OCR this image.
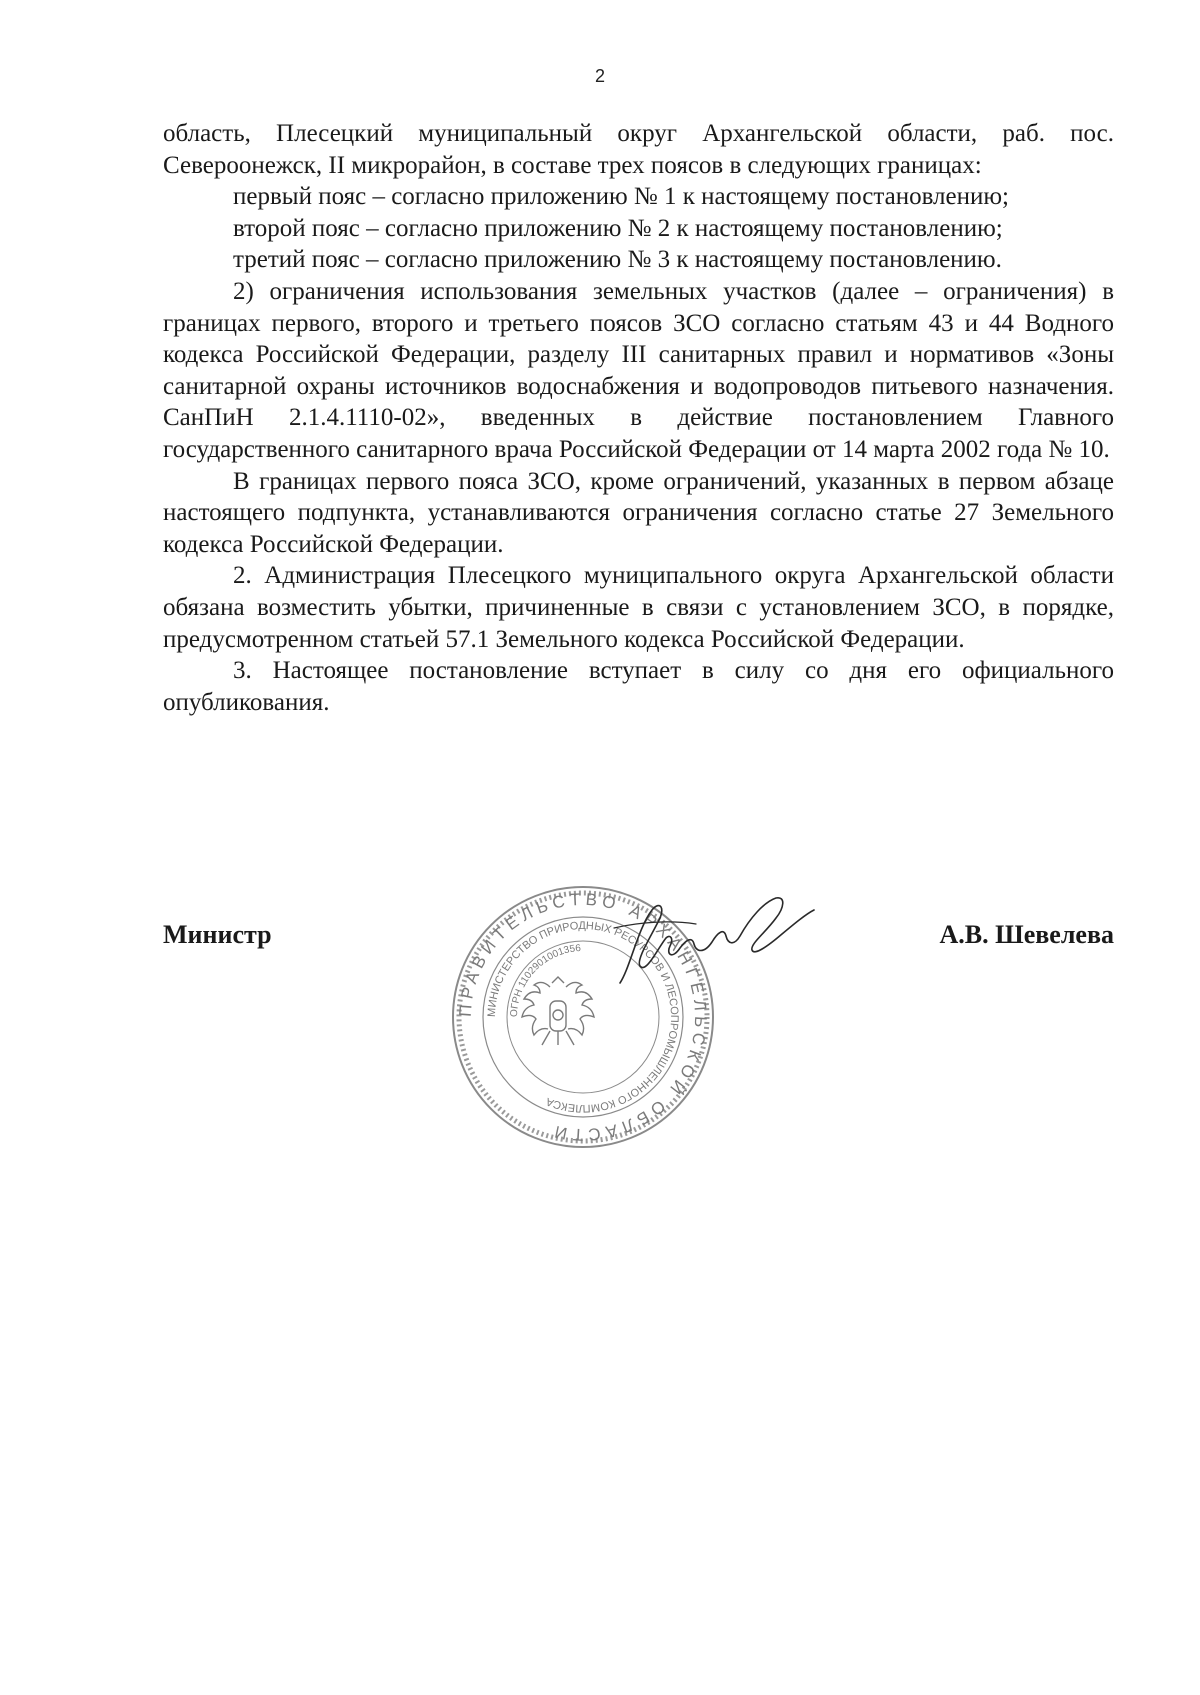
2

область, Плесецкий муниципальный округ Архангельской области, раб. пос. Североонежск, II микрорайон, в составе трех поясов в следующих границах:

первый пояс – согласно приложению № 1 к настоящему постановлению;

второй пояс – согласно приложению № 2 к настоящему постановлению;

третий пояс – согласно приложению № 3 к настоящему постановлению.

2) ограничения использования земельных участков (далее – ограничения) в границах первого, второго и третьего поясов ЗСО согласно статьям 43 и 44 Водного кодекса Российской Федерации, разделу III санитарных правил и нормативов «Зоны санитарной охраны источников водоснабжения и водопроводов питьевого назначения. СанПиН 2.1.4.1110-02», введенных в действие постановлением Главного государственного санитарного врача Российской Федерации от 14 марта 2002 года № 10.

В границах первого пояса ЗСО, кроме ограничений, указанных в первом абзаце настоящего подпункта, устанавливаются ограничения согласно статье 27 Земельного кодекса Российской Федерации.

2. Администрация Плесецкого муниципального округа Архангельской области обязана возместить убытки, причиненные в связи с установлением ЗСО, в порядке, предусмотренном статьей 57.1 Земельного кодекса Российской Федерации.

3. Настоящее постановление вступает в силу со дня его официального опубликования.

Министр	А.В. Шевелева
ПРАВИТЕЛЬСТВО АРХАНГЕЛЬСКОЙ ОБЛАСТИ
МИНИСТЕРСТВО ПРИРОДНЫХ РЕСУРСОВ И ЛЕСОПРОМЫШЛЕННОГО КОМПЛЕКСА
ОГРН 1102901001356
